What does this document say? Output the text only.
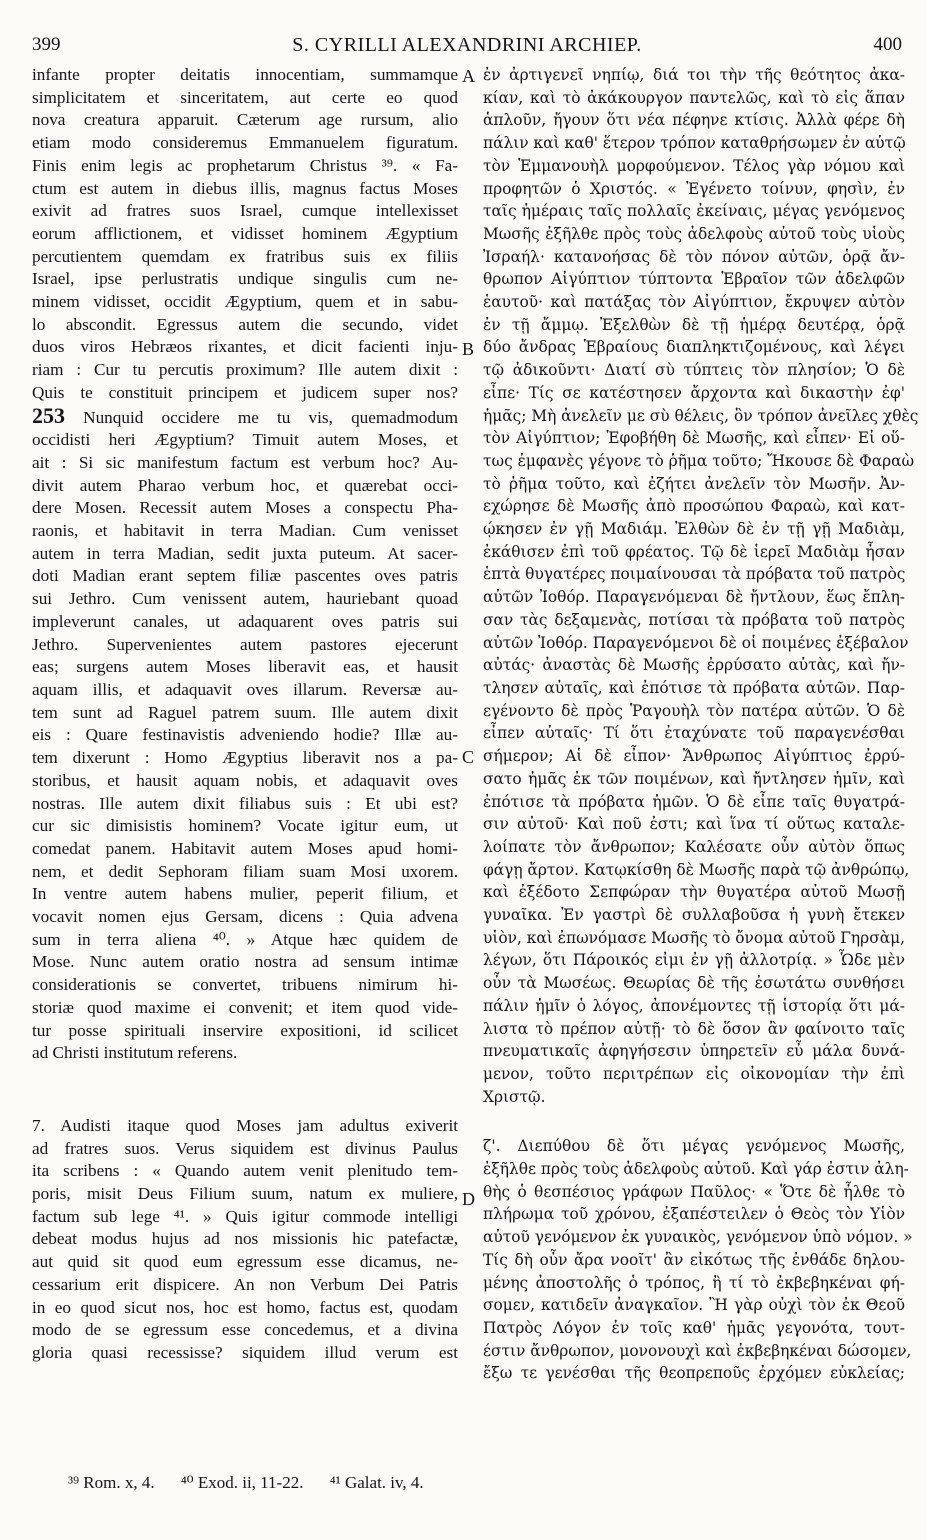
399	S. CYRILLI ALEXANDRINI ARCHIEP.	400
A
B
C
D

infante propter deitatis innocentiam, summamque
simplicitatem et sinceritatem, aut certe eo quod
nova creatura apparuit. Cæterum age rursum, alio
etiam modo consideremus Emmanuelem figuratum.
Finis enim legis ac prophetarum Christus ³⁹. « Fa-
ctum est autem in diebus illis, magnus factus Moses
exivit ad fratres suos Israel, cumque intellexisset
eorum afflictionem, et vidisset hominem Ægyptium
percutientem quemdam ex fratribus suis ex filiis
Israel, ipse perlustratis undique singulis cum ne-
minem vidisset, occidit Ægyptium, quem et in sabu-
lo abscondit. Egressus autem die secundo, videt
duos viros Hebræos rixantes, et dicit facienti inju-
riam : Cur tu percutis proximum? Ille autem dixit :
Quis te constituit principem et judicem super nos?
253 Nunquid occidere me tu vis, quemadmodum
occidisti heri Ægyptium? Timuit autem Moses, et
ait : Si sic manifestum factum est verbum hoc? Au-
divit autem Pharao verbum hoc, et quærebat occi-
dere Mosen. Recessit autem Moses a conspectu Pha-
raonis, et habitavit in terra Madian. Cum venisset
autem in terra Madian, sedit juxta puteum. At sacer-
doti Madian erant septem filiæ pascentes oves patris
sui Jethro. Cum venissent autem, hauriebant quoad
impleverunt canales, ut adaquarent oves patris sui
Jethro. Supervenientes autem pastores ejecerunt
eas; surgens autem Moses liberavit eas, et hausit
aquam illis, et adaquavit oves illarum. Reversæ au-
tem sunt ad Raguel patrem suum. Ille autem dixit
eis : Quare festinavistis adveniendo hodie? Illæ au-
tem dixerunt : Homo Ægyptius liberavit nos a pa-
storibus, et hausit aquam nobis, et adaquavit oves
nostras. Ille autem dixit filiabus suis : Et ubi est?
cur sic dimisistis hominem? Vocate igitur eum, ut
comedat panem. Habitavit autem Moses apud homi-
nem, et dedit Sephoram filiam suam Mosi uxorem.
In ventre autem habens mulier, peperit filium, et
vocavit nomen ejus Gersam, dicens : Quia advena
sum in terra aliena ⁴⁰. » Atque hæc quidem de
Mose. Nunc autem oratio nostra ad sensum intimæ
considerationis se convertet, tribuens nimirum hi-
storiæ quod maxime ei convenit; et item quod vide-
tur posse spirituali inservire expositioni, id scilicet
ad Christi institutum referens.

7. Audisti itaque quod Moses jam adultus exiverit
ad fratres suos. Verus siquidem est divinus Paulus
ita scribens : « Quando autem venit plenitudo tem-
poris, misit Deus Filium suum, natum ex muliere,
factum sub lege ⁴¹. » Quis igitur commode intelligi
debeat modus hujus ad nos missionis hic patefactæ,
aut quid sit quod eum egressum esse dicamus, ne-
cessarium erit dispicere. An non Verbum Dei Patris
in eo quod sicut nos, hoc est homo, factus est, quodam
modo de se egressum esse concedemus, et a divina
gloria quasi recessisse? siquidem illud verum est

ἐν ἀρτιγενεῖ νηπίῳ, διά τοι τὴν τῆς θεότητος ἀκα-
κίαν, καὶ τὸ ἀκάκουργον παντελῶς, καὶ τὸ εἰς ἅπαν
ἁπλοῦν, ἤγουν ὅτι νέα πέφηνε κτίσις. Ἀλλὰ φέρε δὴ
πάλιν καὶ καθ' ἕτερον τρόπον καταθρήσωμεν ἐν αὐτῷ
τὸν Ἐμμανουὴλ μορφούμενον. Τέλος γὰρ νόμου καὶ
προφητῶν ὁ Χριστός. « Ἐγένετο τοίνυν, φησὶν, ἐν
ταῖς ἡμέραις ταῖς πολλαῖς ἐκείναις, μέγας γενόμενος
Μωσῆς ἐξῆλθε πρὸς τοὺς ἀδελφοὺς αὐτοῦ τοὺς υἱοὺς
Ἰσραήλ· κατανοήσας δὲ τὸν πόνον αὐτῶν, ὁρᾷ ἄν-
θρωπον Αἰγύπτιον τύπτοντα Ἑβραῖον τῶν ἀδελφῶν
ἑαυτοῦ· καὶ πατάξας τὸν Αἰγύπτιον, ἔκρυψεν αὐτὸν
ἐν τῇ ἄμμῳ. Ἐξελθὼν δὲ τῇ ἡμέρᾳ δευτέρᾳ, ὁρᾷ
δύο ἄνδρας Ἑβραίους διαπληκτιζομένους, καὶ λέγει
τῷ ἀδικοῦντι· Διατί σὺ τύπτεις τὸν πλησίον; Ὁ δὲ
εἶπε· Τίς σε κατέστησεν ἄρχοντα καὶ δικαστὴν ἐφ'
ἡμᾶς; Μὴ ἀνελεῖν με σὺ θέλεις, ὃν τρόπον ἀνεῖλες χθὲς
τὸν Αἰγύπτιον; Ἐφοβήθη δὲ Μωσῆς, καὶ εἶπεν· Εἰ οὕ-
τως ἐμφανὲς γέγονε τὸ ῥῆμα τοῦτο; Ἤκουσε δὲ Φαραὼ
τὸ ῥῆμα τοῦτο, καὶ ἐζήτει ἀνελεῖν τὸν Μωσῆν. Ἀν-
εχώρησε δὲ Μωσῆς ἀπὸ προσώπου Φαραὼ, καὶ κατ-
ῴκησεν ἐν γῇ Μαδιάμ. Ἐλθὼν δὲ ἐν τῇ γῇ Μαδιὰμ,
ἐκάθισεν ἐπὶ τοῦ φρέατος. Τῷ δὲ ἱερεῖ Μαδιὰμ ἦσαν
ἑπτὰ θυγατέρες ποιμαίνουσαι τὰ πρόβατα τοῦ πατρὸς
αὐτῶν Ἰοθόρ. Παραγενόμεναι δὲ ἤντλουν, ἕως ἔπλη-
σαν τὰς δεξαμενὰς, ποτίσαι τὰ πρόβατα τοῦ πατρὸς
αὐτῶν Ἰοθόρ. Παραγενόμενοι δὲ οἱ ποιμένες ἐξέβαλον
αὐτάς· ἀναστὰς δὲ Μωσῆς ἐρρύσατο αὐτὰς, καὶ ἤν-
τλησεν αὐταῖς, καὶ ἐπότισε τὰ πρόβατα αὐτῶν. Παρ-
εγένοντο δὲ πρὸς Ῥαγουὴλ τὸν πατέρα αὐτῶν. Ὁ δὲ
εἶπεν αὐταῖς· Τί ὅτι ἐταχύνατε τοῦ παραγενέσθαι
σήμερον; Αἱ δὲ εἶπον· Ἄνθρωπος Αἰγύπτιος ἐρρύ-
σατο ἡμᾶς ἐκ τῶν ποιμένων, καὶ ἤντλησεν ἡμῖν, καὶ
ἐπότισε τὰ πρόβατα ἡμῶν. Ὁ δὲ εἶπε ταῖς θυγατρά-
σιν αὐτοῦ· Καὶ ποῦ ἐστι; καὶ ἵνα τί οὕτως καταλε-
λοίπατε τὸν ἄνθρωπον; Καλέσατε οὖν αὐτὸν ὅπως
φάγῃ ἄρτον. Κατῳκίσθη δὲ Μωσῆς παρὰ τῷ ἀνθρώπῳ,
καὶ ἐξέδοτο Σεπφώραν τὴν θυγατέρα αὐτοῦ Μωσῇ
γυναῖκα. Ἐν γαστρὶ δὲ συλλαβοῦσα ἡ γυνὴ ἔτεκεν
υἱὸν, καὶ ἐπωνόμασε Μωσῆς τὸ ὄνομα αὐτοῦ Γηρσὰμ,
λέγων, ὅτι Πάροικός εἰμι ἐν γῇ ἀλλοτρίᾳ. » Ὧδε μὲν
οὖν τὰ Μωσέως. Θεωρίας δὲ τῆς ἐσωτάτω συνθήσει
πάλιν ἡμῖν ὁ λόγος, ἀπονέμοντες τῇ ἱστορίᾳ ὅτι μά-
λιστα τὸ πρέπον αὐτῇ· τὸ δὲ ὅσον ἂν φαίνοιτο ταῖς
πνευματικαῖς ἀφηγήσεσιν ὑπηρετεῖν εὖ μάλα δυνά-
μενον, τοῦτο περιτρέπων εἰς οἰκονομίαν τὴν ἐπὶ
Χριστῷ.

ζ'. Διεπύθου δὲ ὅτι μέγας γενόμενος Μωσῆς,
ἐξῆλθε πρὸς τοὺς ἀδελφοὺς αὐτοῦ. Καὶ γάρ ἐστιν ἀλη-
θὴς ὁ θεσπέσιος γράφων Παῦλος· « Ὅτε δὲ ἦλθε τὸ
πλήρωμα τοῦ χρόνου, ἐξαπέστειλεν ὁ Θεὸς τὸν Υἱὸν
αὐτοῦ γενόμενον ἐκ γυναικὸς, γενόμενον ὑπὸ νόμον. »
Τίς δὴ οὖν ἄρα νοοῖτ' ἂν εἰκότως τῆς ἐνθάδε δηλου-
μένης ἀποστολῆς ὁ τρόπος, ἢ τί τὸ ἐκβεβηκέναι φή-
σομεν, κατιδεῖν ἀναγκαῖον. Ἢ γὰρ οὐχὶ τὸν ἐκ Θεοῦ
Πατρὸς Λόγον ἐν τοῖς καθ' ἡμᾶς γεγονότα, τουτ-
έστιν ἄνθρωπον, μονονουχὶ καὶ ἐκβεβηκέναι δώσομεν,
ἔξω τε γενέσθαι τῆς θεοπρεποῦς ἐρχόμεν εὐκλείας;

³⁹ Rom. x, 4. ⁴⁰ Exod. ii, 11-22. ⁴¹ Galat. iv, 4.
